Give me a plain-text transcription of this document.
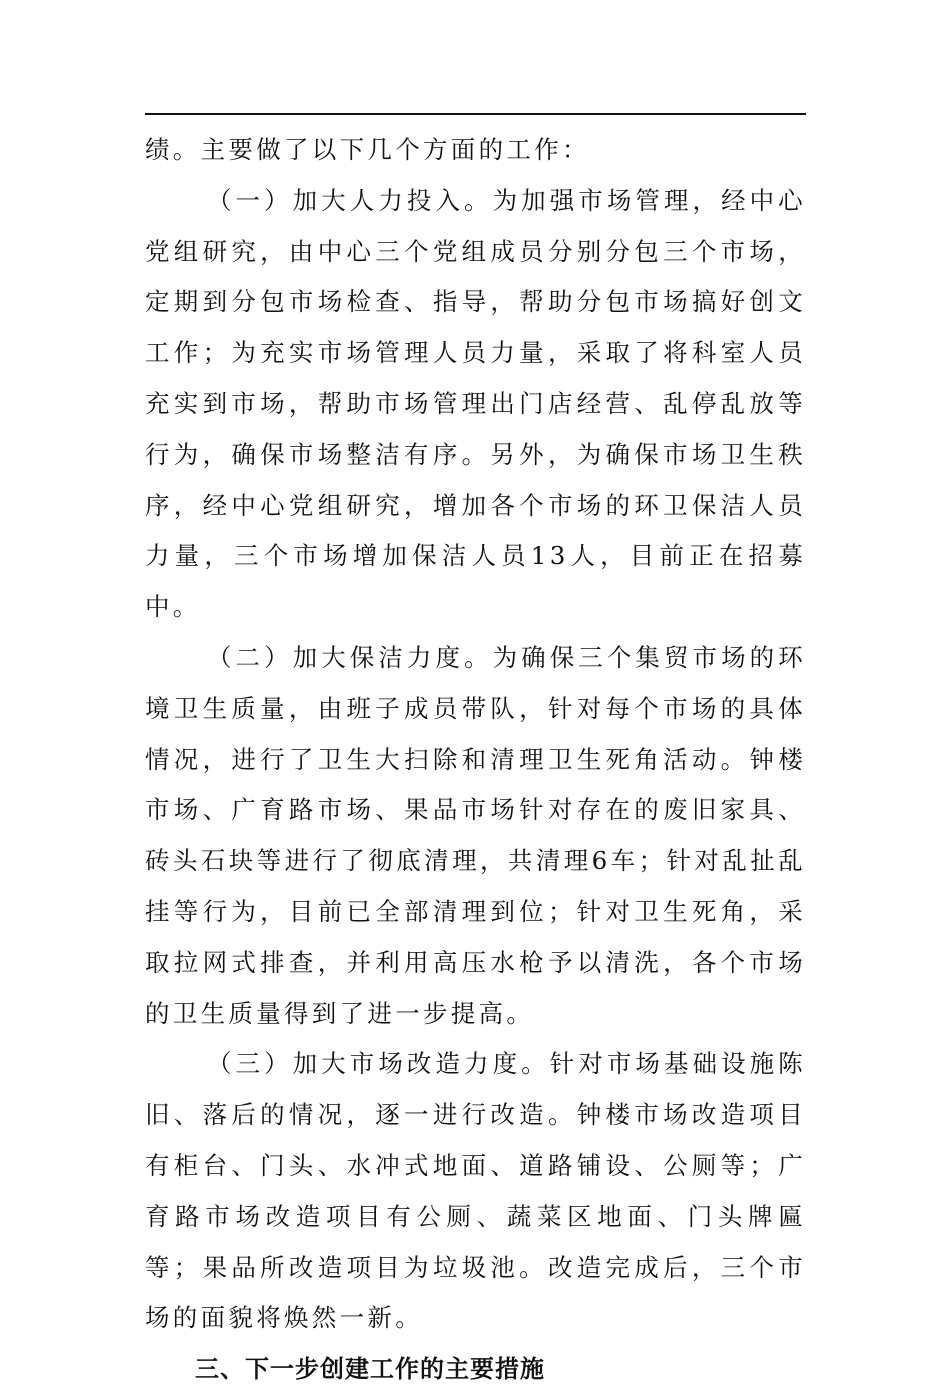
绩。主要做了以下几个方面的工作：

（一）加大人力投入。为加强市场管理，经中心党组研究，由中心三个党组成员分别分包三个市场，定期到分包市场检查、指导，帮助分包市场搞好创文工作；为充实市场管理人员力量，采取了将科室人员充实到市场，帮助市场管理出门店经营、乱停乱放等行为，确保市场整洁有序。另外，为确保市场卫生秩序，经中心党组研究，增加各个市场的环卫保洁人员力量，三个市场增加保洁人员13人，目前正在招募中。

（二）加大保洁力度。为确保三个集贸市场的环境卫生质量，由班子成员带队，针对每个市场的具体情况，进行了卫生大扫除和清理卫生死角活动。钟楼市场、广育路市场、果品市场针对存在的废旧家具、砖头石块等进行了彻底清理，共清理6车；针对乱扯乱挂等行为，目前已全部清理到位；针对卫生死角，采取拉网式排查，并利用高压水枪予以清洗，各个市场的卫生质量得到了进一步提高。

（三）加大市场改造力度。针对市场基础设施陈旧、落后的情况，逐一进行改造。钟楼市场改造项目有柜台、门头、水冲式地面、道路铺设、公厕等；广育路市场改造项目有公厕、蔬菜区地面、门头牌匾等；果品所改造项目为垃圾池。改造完成后，三个市场的面貌将焕然一新。

三、下一步创建工作的主要措施
